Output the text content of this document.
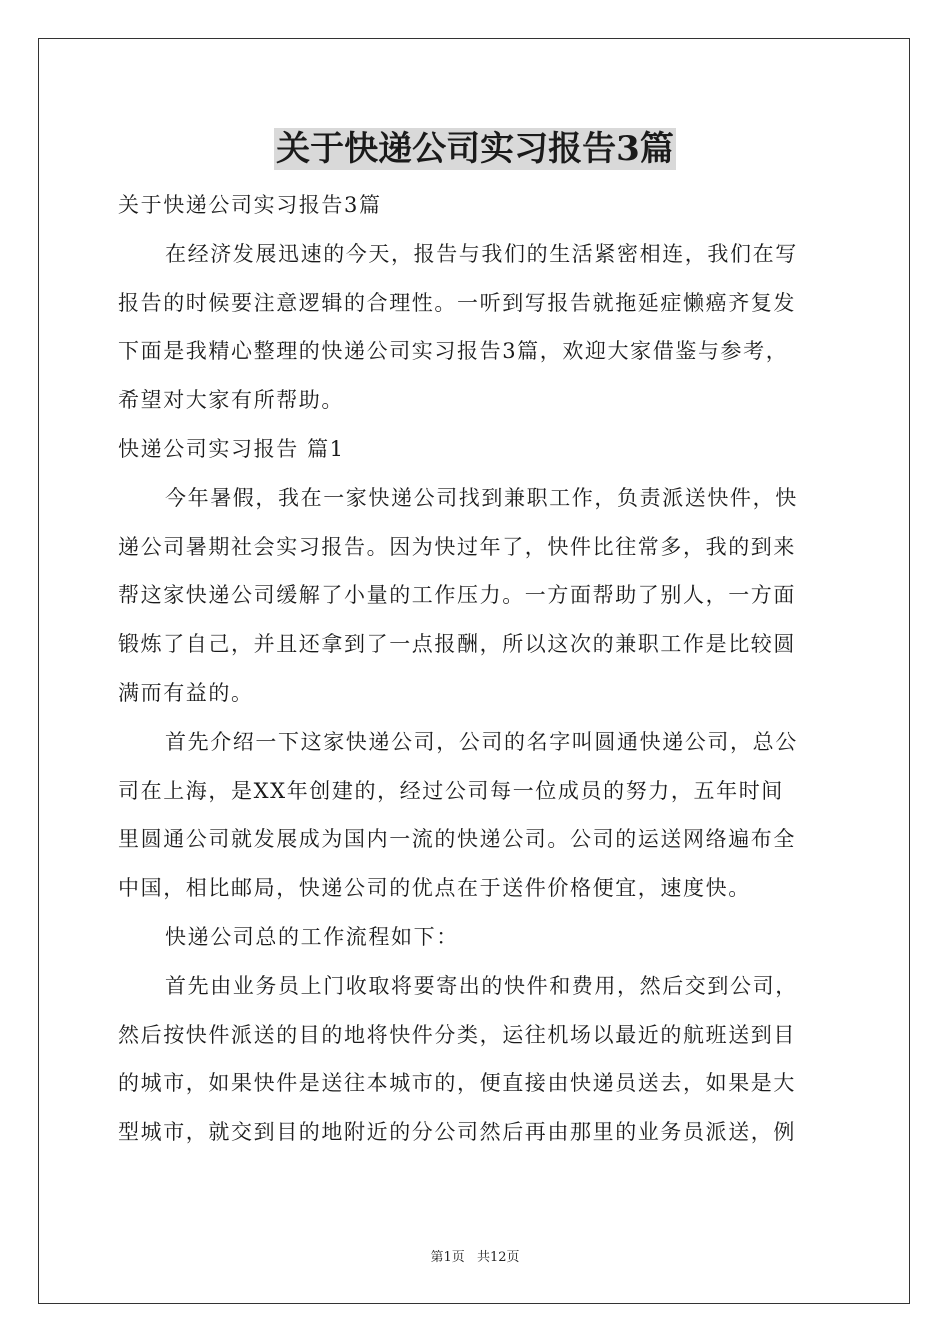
关于快递公司实习报告3篇
关于快递公司实习报告3篇
在经济发展迅速的今天，报告与我们的生活紧密相连，我们在写
报告的时候要注意逻辑的合理性。一听到写报告就拖延症懒癌齐复发
下面是我精心整理的快递公司实习报告3篇，欢迎大家借鉴与参考，
希望对大家有所帮助。
快递公司实习报告 篇1
今年暑假，我在一家快递公司找到兼职工作，负责派送快件，快
递公司暑期社会实习报告。因为快过年了，快件比往常多，我的到来
帮这家快递公司缓解了小量的工作压力。一方面帮助了别人，一方面
锻炼了自己，并且还拿到了一点报酬，所以这次的兼职工作是比较圆
满而有益的。
首先介绍一下这家快递公司，公司的名字叫圆通快递公司，总公
司在上海，是XX年创建的，经过公司每一位成员的努力，五年时间
里圆通公司就发展成为国内一流的快递公司。公司的运送网络遍布全
中国，相比邮局，快递公司的优点在于送件价格便宜，速度快。
快递公司总的工作流程如下：
首先由业务员上门收取将要寄出的快件和费用，然后交到公司，
然后按快件派送的目的地将快件分类，运往机场以最近的航班送到目
的城市，如果快件是送往本城市的，便直接由快递员送去，如果是大
型城市，就交到目的地附近的分公司然后再由那里的业务员派送，例
第1页 共12页
